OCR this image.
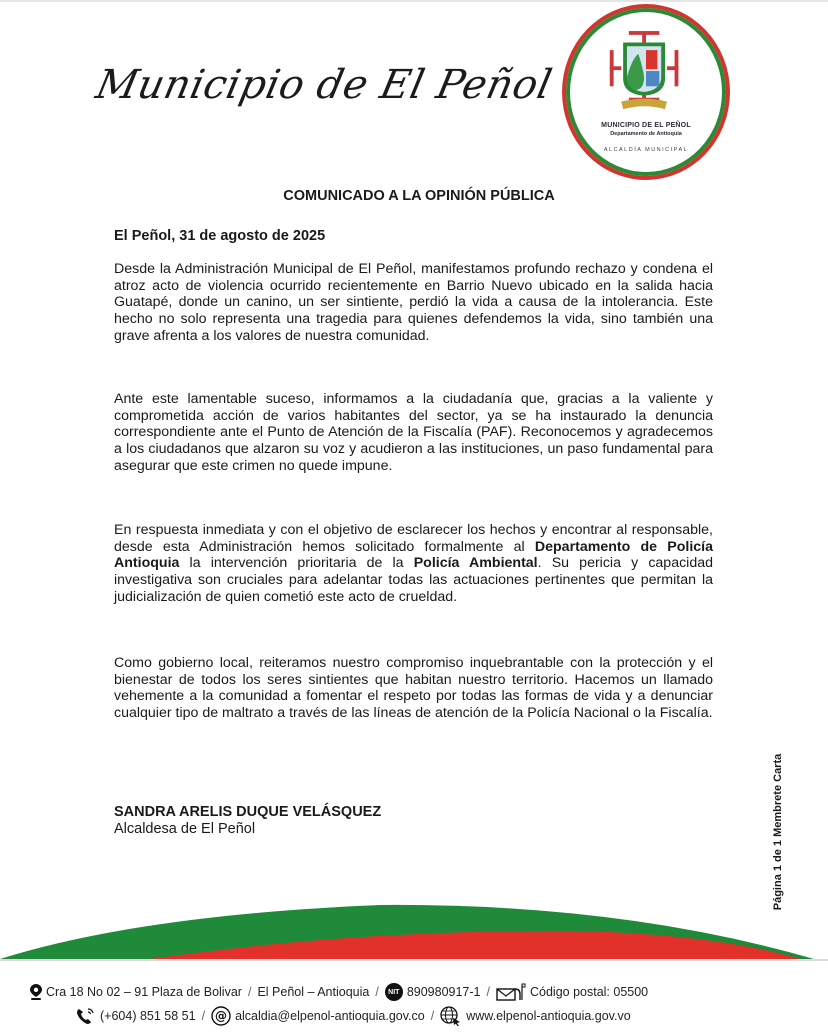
Municipio de El Peñol
MUNICIPIO DE EL PEÑOL
Departamento de Antioquia
ALCALDÍA MUNICIPAL
COMUNICADO A LA OPINIÓN PÚBLICA
El Peñol, 31 de agosto de 2025

Desde la Administración Municipal de El Peñol, manifestamos profundo rechazo y condena el atroz acto de violencia ocurrido recientemente en Barrio Nuevo ubicado en la salida hacia Guatapé, donde un canino, un ser sintiente, perdió la vida a causa de la intolerancia. Este hecho no solo representa una tragedia para quienes defendemos la vida, sino también una grave afrenta a los valores de nuestra comunidad.

Ante este lamentable suceso, informamos a la ciudadanía que, gracias a la valiente y comprometida acción de varios habitantes del sector, ya se ha instaurado la denuncia correspondiente ante el Punto de Atención de la Fiscalía (PAF). Reconocemos y agradecemos a los ciudadanos que alzaron su voz y acudieron a las instituciones, un paso fundamental para asegurar que este crimen no quede impune.

En respuesta inmediata y con el objetivo de esclarecer los hechos y encontrar al responsable, desde esta Administración hemos solicitado formalmente al Departamento de Policía Antioquia la intervención prioritaria de la Policía Ambiental. Su pericia y capacidad investigativa son cruciales para adelantar todas las actuaciones pertinentes que permitan la judicialización de quien cometió este acto de crueldad.

Como gobierno local, reiteramos nuestro compromiso inquebrantable con la protección y el bienestar de todos los seres sintientes que habitan nuestro territorio. Hacemos un llamado vehemente a la comunidad a fomentar el respeto por todas las formas de vida y a denunciar cualquier tipo de maltrato a través de las líneas de atención de la Policía Nacional o la Fiscalía.

SANDRA ARELIS DUQUE VELÁSQUEZ
Alcaldesa de El Peñol	Página 1 de 1 Membrete Carta
Cra 18 No 02 – 91 Plaza de Bolivar / El Peñol – Antioquia /	NIT 890980917-1 /	Código postal: 05500
(+604) 851 58 51 / @ alcaldia@elpenol-antioquia.gov.co /	www.elpenol-antioquia.gov.vo
